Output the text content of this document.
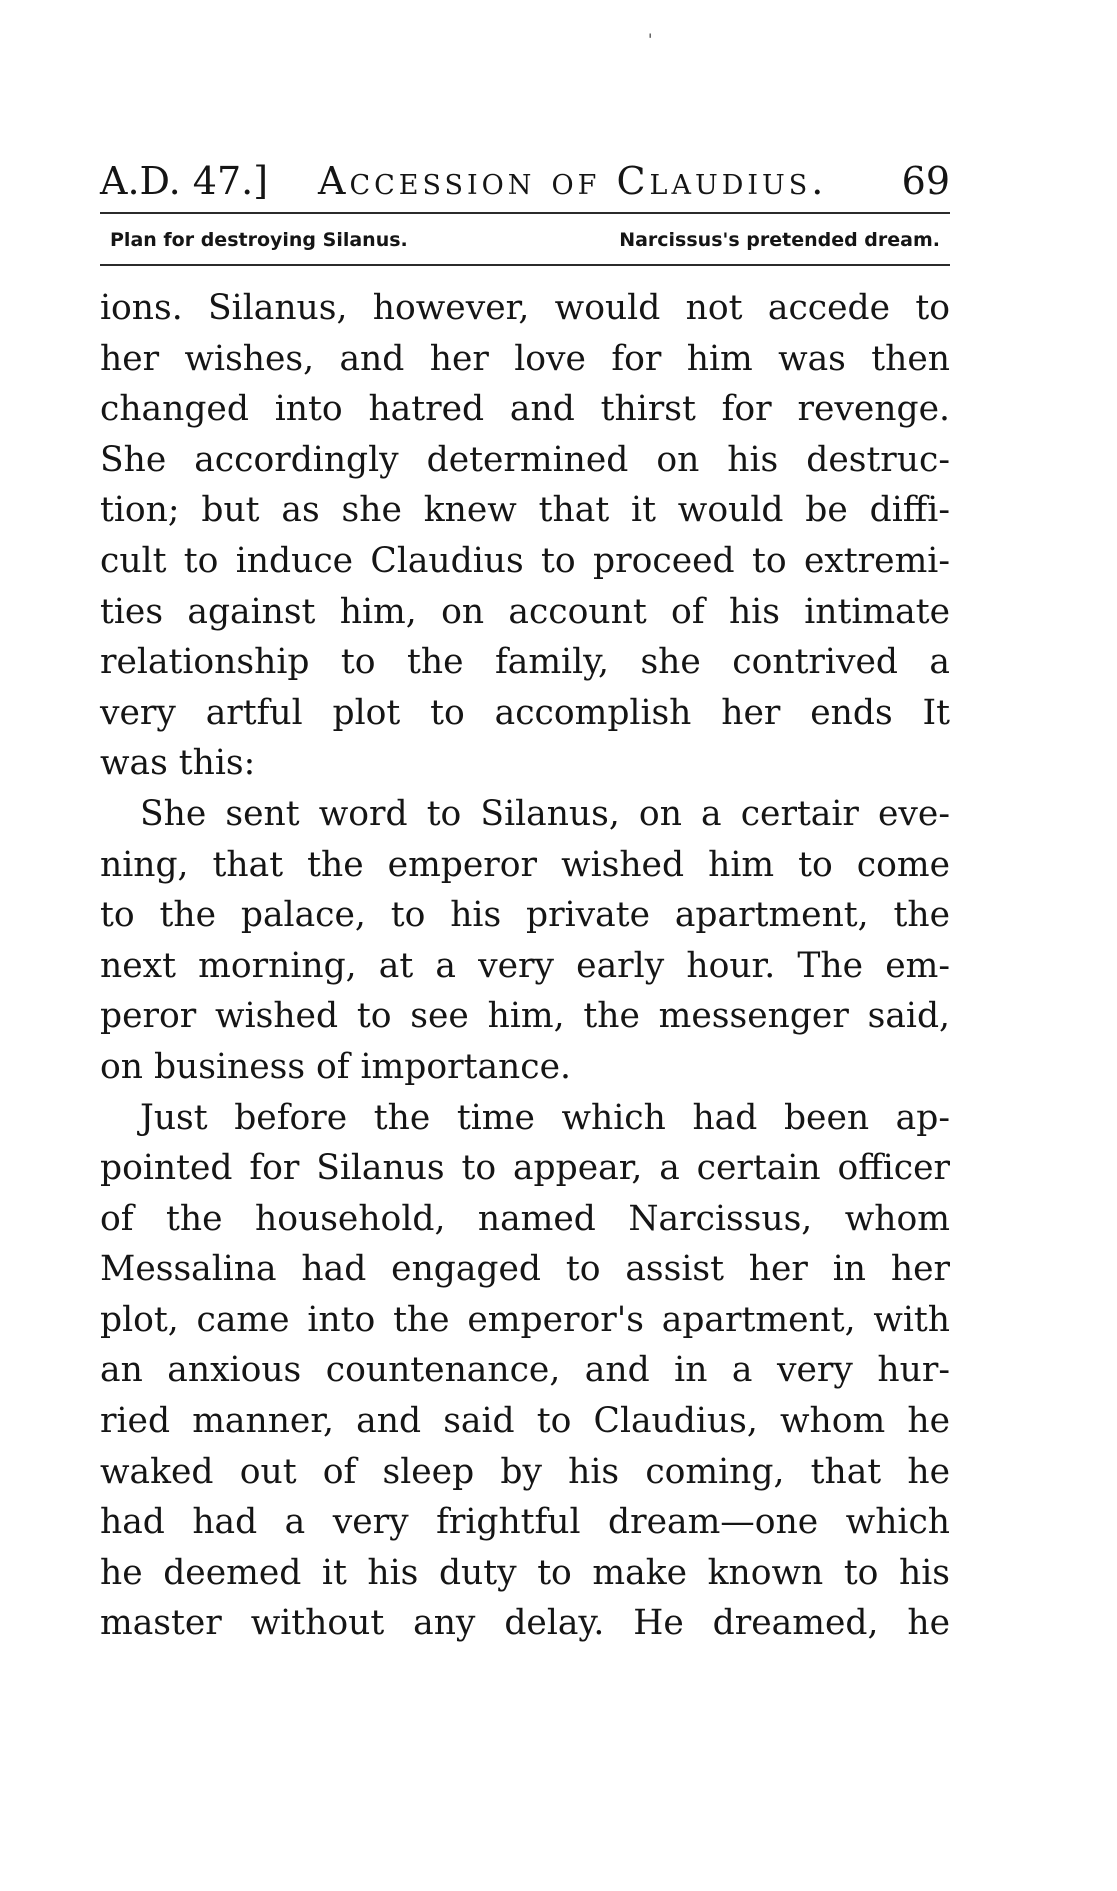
'
A.D. 47.] Accession of Claudius. 69
Plan for destroying Silanus.	Narcissus's pretended dream.

ions. Silanus, however, would not accede to
her wishes, and her love for him was then
changed into hatred and thirst for revenge.
She accordingly determined on his destruc-
tion; but as she knew that it would be diffi-
cult to induce Claudius to proceed to extremi-
ties against him, on account of his intimate
relationship to the family, she contrived a
very artful plot to accomplish her ends It
was this:

She sent word to Silanus, on a certair eve-
ning, that the emperor wished him to come
to the palace, to his private apartment, the
next morning, at a very early hour. The em-
peror wished to see him, the messenger said,
on business of importance.

Just before the time which had been ap-
pointed for Silanus to appear, a certain officer
of the household, named Narcissus, whom
Messalina had engaged to assist her in her
plot, came into the emperor's apartment, with
an anxious countenance, and in a very hur-
ried manner, and said to Claudius, whom he
waked out of sleep by his coming, that he
had had a very frightful dream—one which
he deemed it his duty to make known to his
master without any delay. He dreamed, he
